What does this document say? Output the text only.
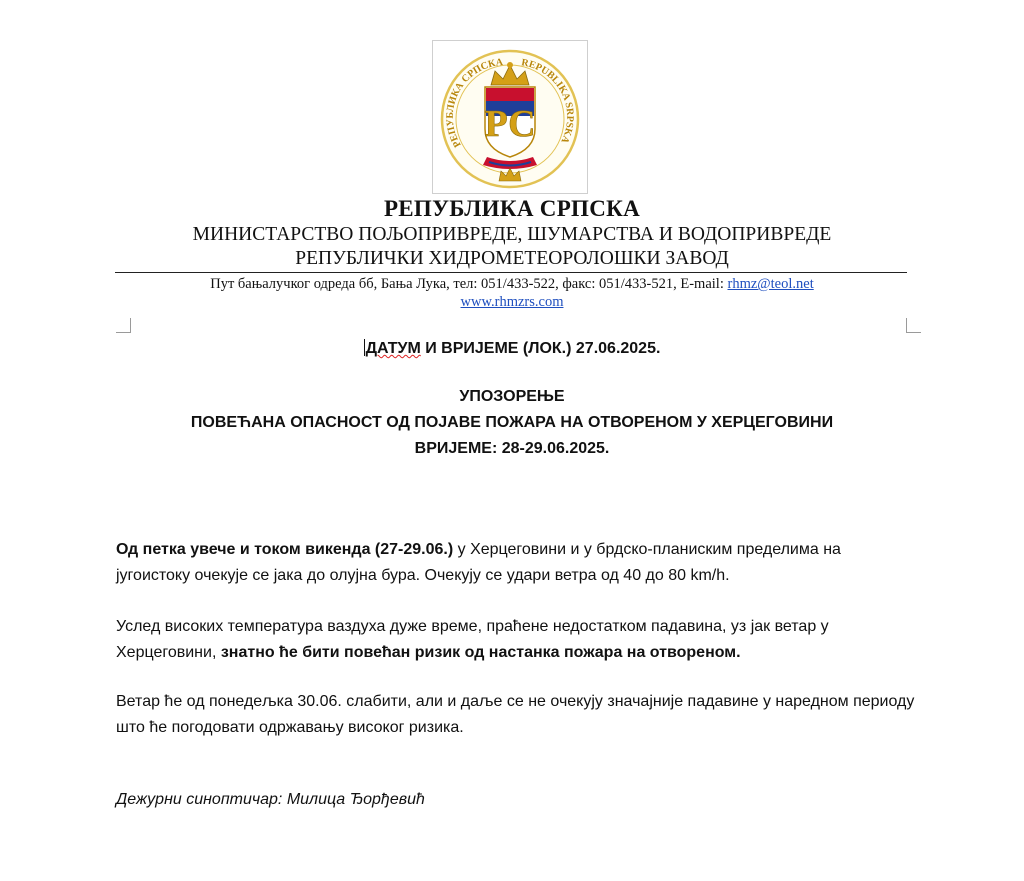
РЕПУБЛИКА СРПСКА REPUBLIKA SRPSKA
РС
РЕПУБЛИКА СРПСКА
МИНИСТАРСТВО ПОЉОПРИВРЕДЕ, ШУМАРСТВА И ВОДОПРИВРЕДЕ
РЕПУБЛИЧКИ ХИДРОМЕТЕОРОЛОШКИ ЗАВОД
Пут бањалучког одреда бб, Бања Лука, тел: 051/433-522, факс: 051/433-521, E-mail: rhmz@teol.net
www.rhmzrs.com
ДАТУМ И ВРИЈЕМЕ (ЛОК.) 27.06.2025.
УПОЗОРЕЊЕ
ПОВЕЋАНА ОПАСНОСТ ОД ПОЈАВЕ ПОЖАРА НА ОТВОРЕНОМ У ХЕРЦЕГОВИНИ
ВРИЈЕМЕ: 28-29.06.2025.
Од петка увече и током викенда (27-29.06.) у Херцеговини и у брдско-планиским пределима на југоистоку очекује се јака до олујна бура. Очекују се удари ветра од 40 до 80 km/h.
Услед високих температура ваздуха дуже време, праћене недостатком падавина, уз јак ветар у Херцеговини, знатно ће бити повећан ризик од настанка пожара на отвореном.
Ветар ће од понедељка 30.06. слабити, али и даље се не очекују значајније падавине у наредном периоду што ће погодовати одржавању високог ризика.
Дежурни синоптичар: Милица Ђорђевић
